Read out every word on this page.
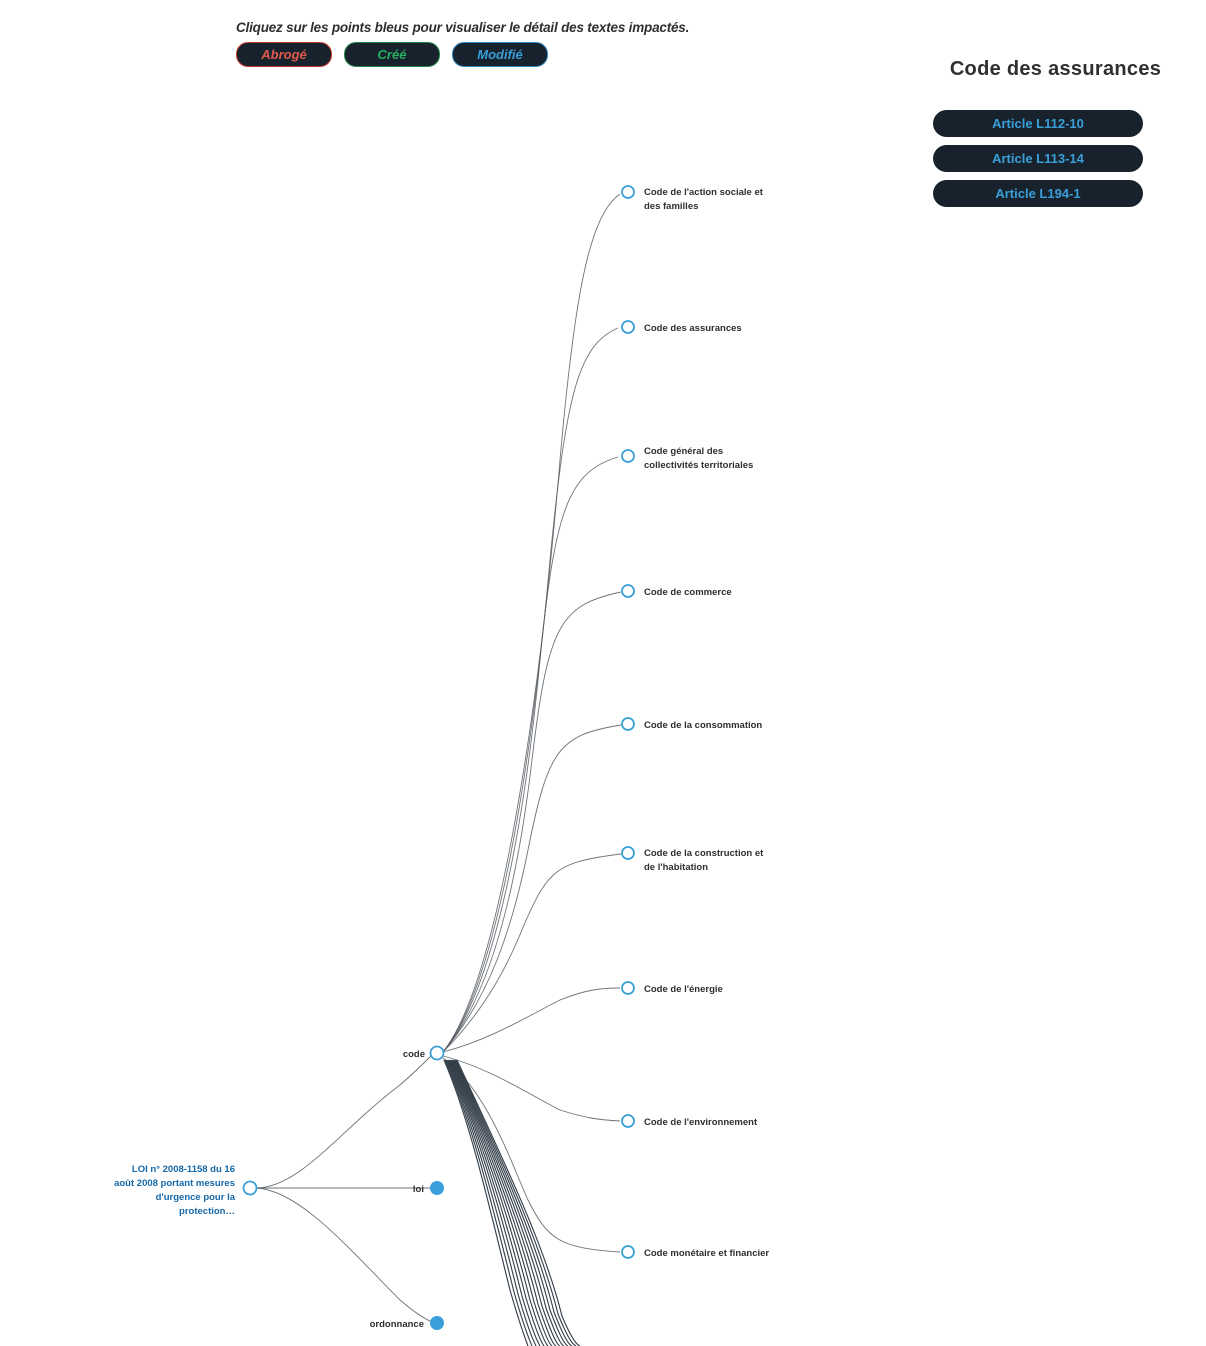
Cliquez sur les points bleus pour visualiser le détail des textes impactés.
Abrogé	Créé	Modifié
Code des assurances
Article L112-10
Article L113-14
Article L194-1
LOI n° 2008-1158 du 16
août 2008 portant mesures
d'urgence pour la
protection…
code
loi
ordonnance
Code de l'action sociale et
des familles
Code des assurances
Code général des
collectivités territoriales
Code de commerce
Code de la consommation
Code de la construction et
de l'habitation
Code de l'énergie
Code de l'environnement
Code monétaire et financier
